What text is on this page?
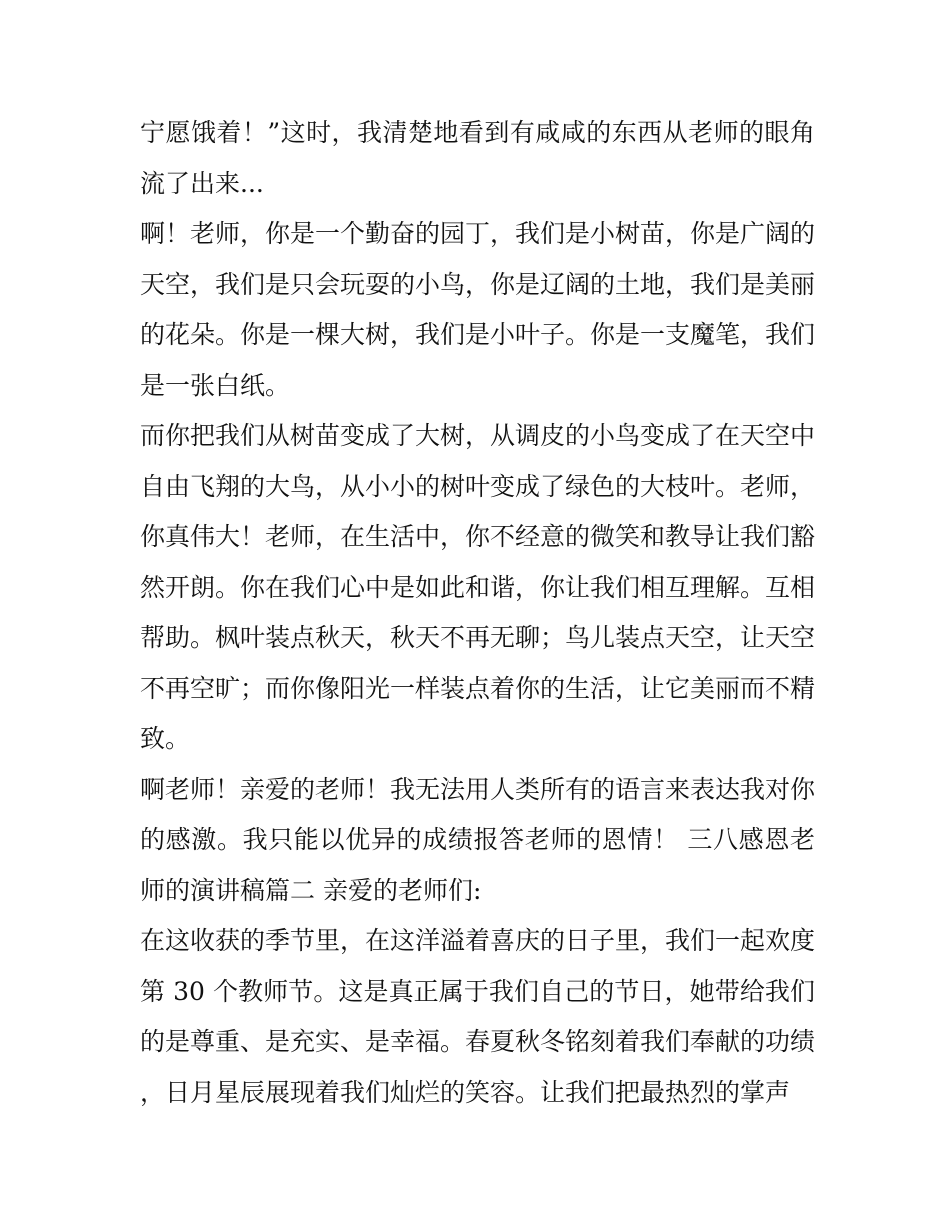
宁愿饿着！”这时，我清楚地看到有咸咸的东西从老师的眼角流了出来...

啊！老师，你是一个勤奋的园丁，我们是小树苗，你是广阔的天空，我们是只会玩耍的小鸟，你是辽阔的土地，我们是美丽的花朵。你是一棵大树，我们是小叶子。你是一支魔笔，我们是一张白纸。

而你把我们从树苗变成了大树，从调皮的小鸟变成了在天空中自由飞翔的大鸟，从小小的树叶变成了绿色的大枝叶。老师，你真伟大！老师，在生活中，你不经意的微笑和教导让我们豁然开朗。你在我们心中是如此和谐，你让我们相互理解。互相帮助。枫叶装点秋天，秋天不再无聊；鸟儿装点天空，让天空不再空旷；而你像阳光一样装点着你的生活，让它美丽而不精致。

啊老师！亲爱的老师！我无法用人类所有的语言来表达我对你的感激。我只能以优异的成绩报答老师的恩情！ 三八感恩老师的演讲稿篇二 亲爱的老师们:

在这收获的季节里，在这洋溢着喜庆的日子里，我们一起欢度第 30 个教师节。这是真正属于我们自己的节日，她带给我们的是尊重、是充实、是幸福。春夏秋冬铭刻着我们奉献的功绩，日月星辰展现着我们灿烂的笑容。让我们把最热烈的掌声
